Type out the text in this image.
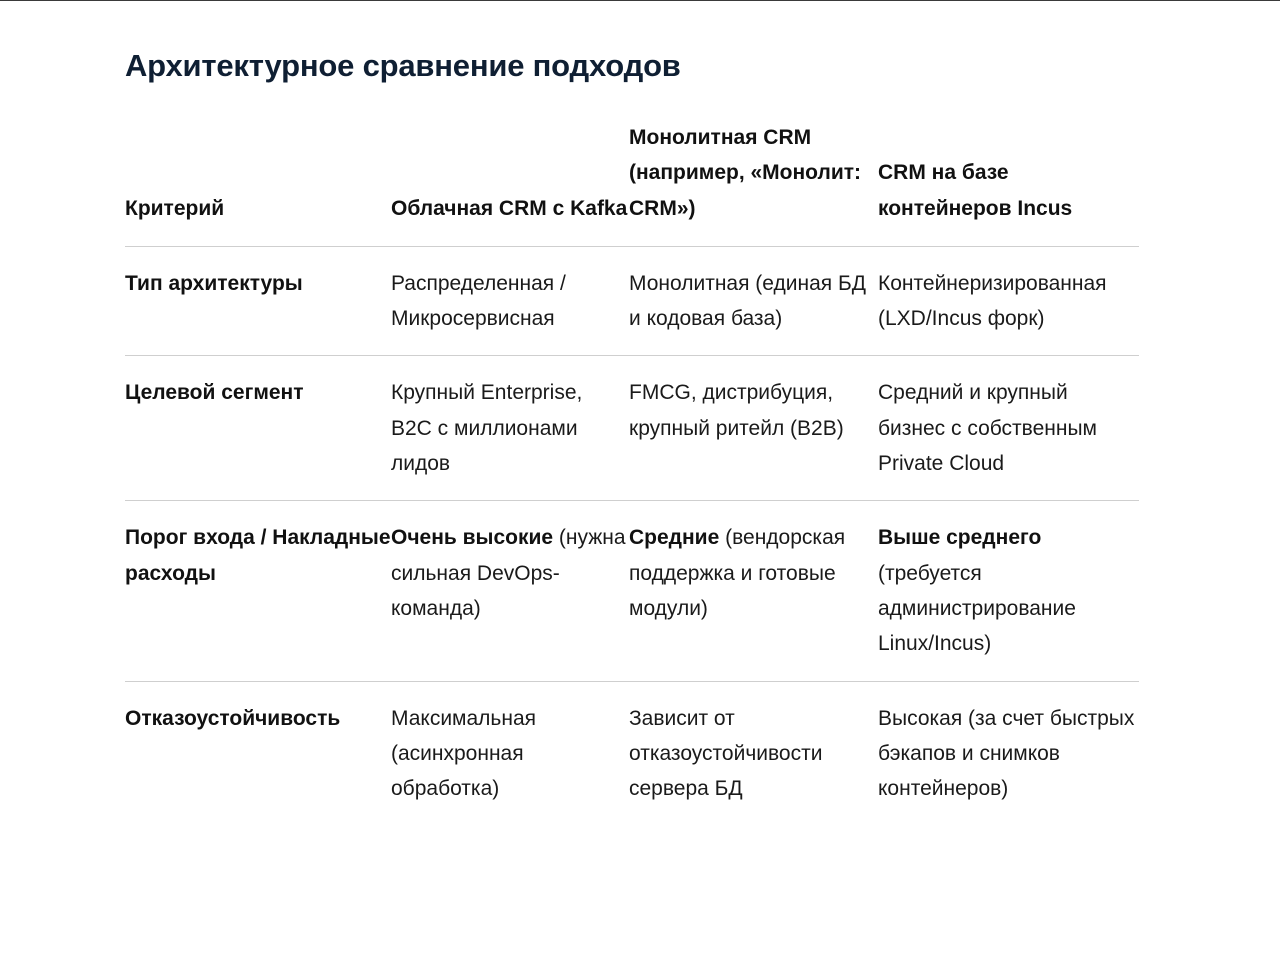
Архитектурное сравнение подходов
Критерий	Облачная CRM с Kafka	Монолитная CRM (например, «Монолит: CRM»)	CRM на базе контейнеров Incus
Тип архитектуры	Распределенная / Микросервисная	Монолитная (единая БД и кодовая база)	Контейнеризированная (LXD/Incus форк)
Целевой сегмент	Крупный Enterprise, B2C с миллионами лидов	FMCG, дистрибуция, крупный ритейл (B2B)	Средний и крупный бизнес с собственным Private Cloud
Порог входа / Накладные расходы	Очень высокие (нужна сильная DevOps-команда)	Средние (вендорская поддержка и готовые модули)	Выше среднего (требуется администрирование Linux/Incus)
Отказоустойчивость	Максимальная (асинхронная обработка)	Зависит от отказоустойчивости сервера БД	Высокая (за счет быстрых бэкапов и снимков контейнеров)
